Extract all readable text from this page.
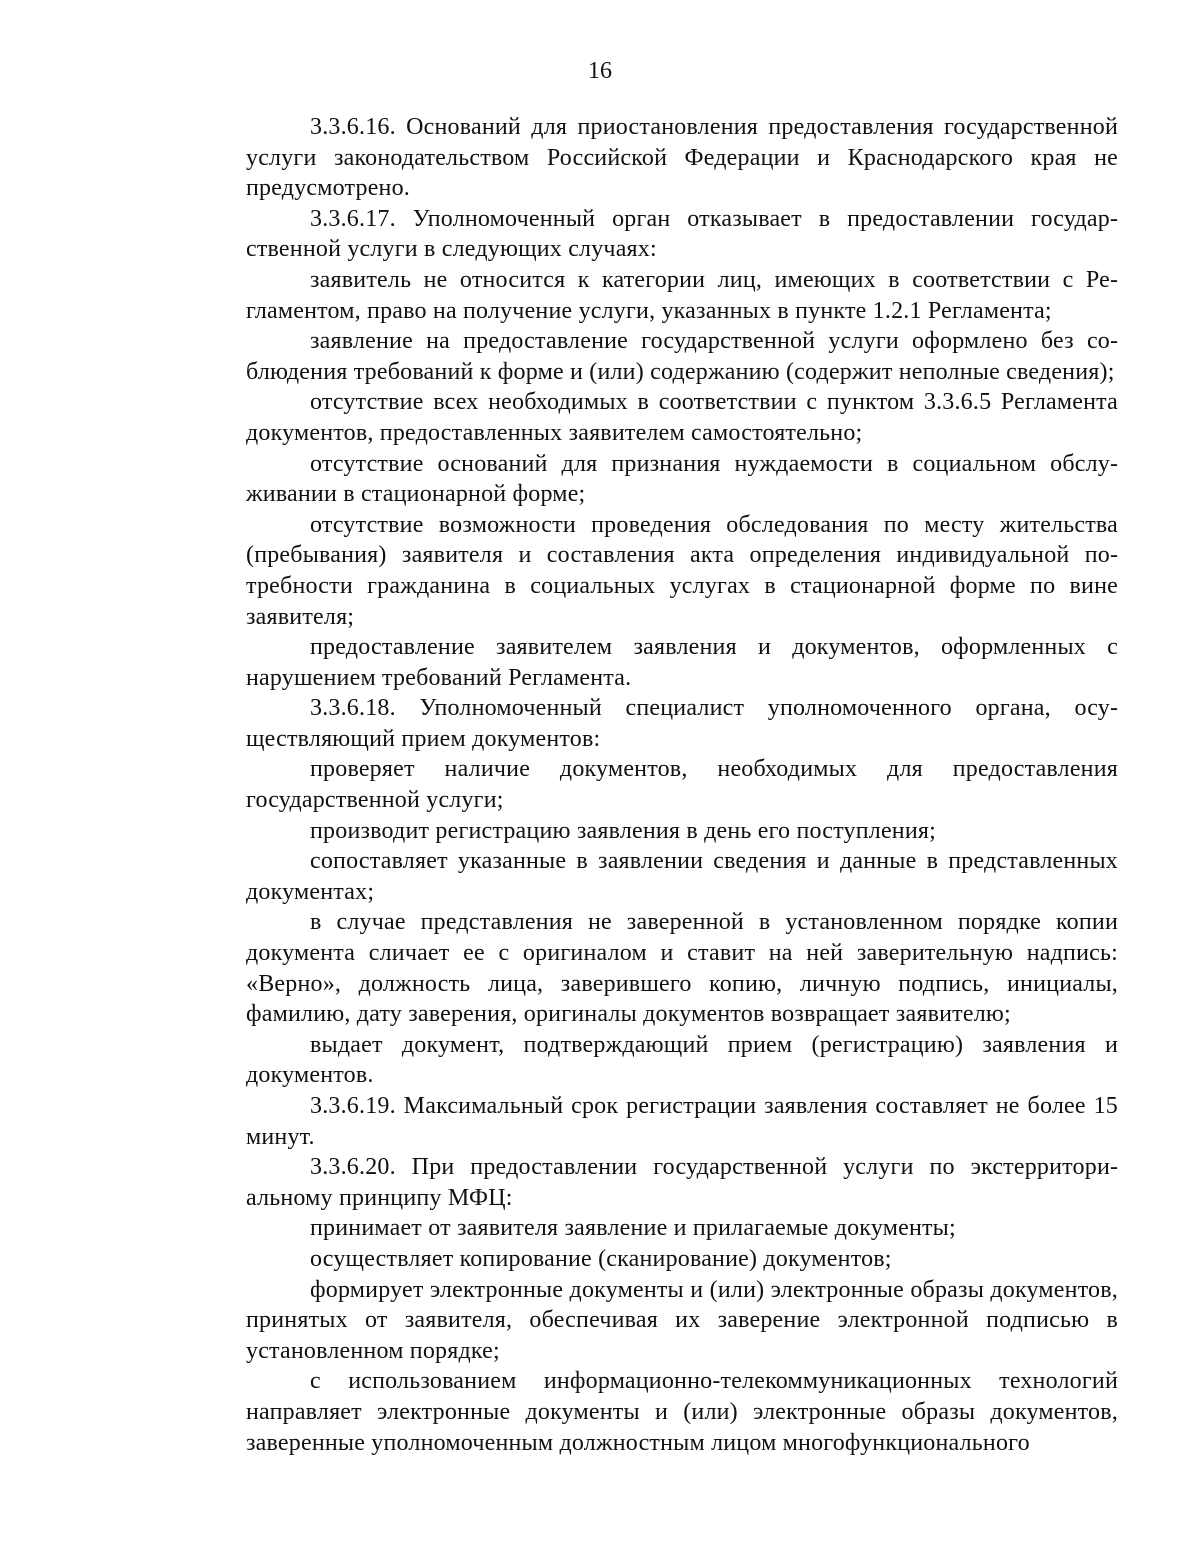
16

3.3.6.16. Оснований для приостановления предоставления государственной услуги законодательством Российской Федерации и Краснодарского края не предусмотрено.

3.3.6.17. Уполномоченный орган отказывает в предоставлении государственной услуги в следующих случаях:

заявитель не относится к категории лиц, имеющих в соответствии с Регламентом, право на получение услуги, указанных в пункте 1.2.1 Регламента;

заявление на предоставление государственной услуги оформлено без соблюдения требований к форме и (или) содержанию (содержит неполные сведения);

отсутствие всех необходимых в соответствии с пунктом 3.3.6.5 Регламента документов, предоставленных заявителем самостоятельно;

отсутствие оснований для признания нуждаемости в социальном обслуживании в стационарной форме;

отсутствие возможности проведения обследования по месту жительства (пребывания) заявителя и составления акта определения индивидуальной потребности гражданина в социальных услугах в стационарной форме по вине заявителя;

предоставление заявителем заявления и документов, оформленных с нарушением требований Регламента.

3.3.6.18. Уполномоченный специалист уполномоченного органа, осуществляющий прием документов:

проверяет наличие документов, необходимых для предоставления государственной услуги;

производит регистрацию заявления в день его поступления;

сопоставляет указанные в заявлении сведения и данные в представленных документах;

в случае представления не заверенной в установленном порядке копии документа сличает ее с оригиналом и ставит на ней заверительную надпись: «Верно», должность лица, заверившего копию, личную подпись, инициалы, фамилию, дату заверения, оригиналы документов возвращает заявителю;

выдает документ, подтверждающий прием (регистрацию) заявления и документов.

3.3.6.19. Максимальный срок регистрации заявления составляет не более 15 минут.

3.3.6.20. При предоставлении государственной услуги по экстерриториальному принципу МФЦ:

принимает от заявителя заявление и прилагаемые документы;

осуществляет копирование (сканирование) документов;

формирует электронные документы и (или) электронные образы документов, принятых от заявителя, обеспечивая их заверение электронной подписью в установленном порядке;

с использованием информационно-телекоммуникационных технологий направляет электронные документы и (или) электронные образы документов, заверенные уполномоченным должностным лицом многофункционального
